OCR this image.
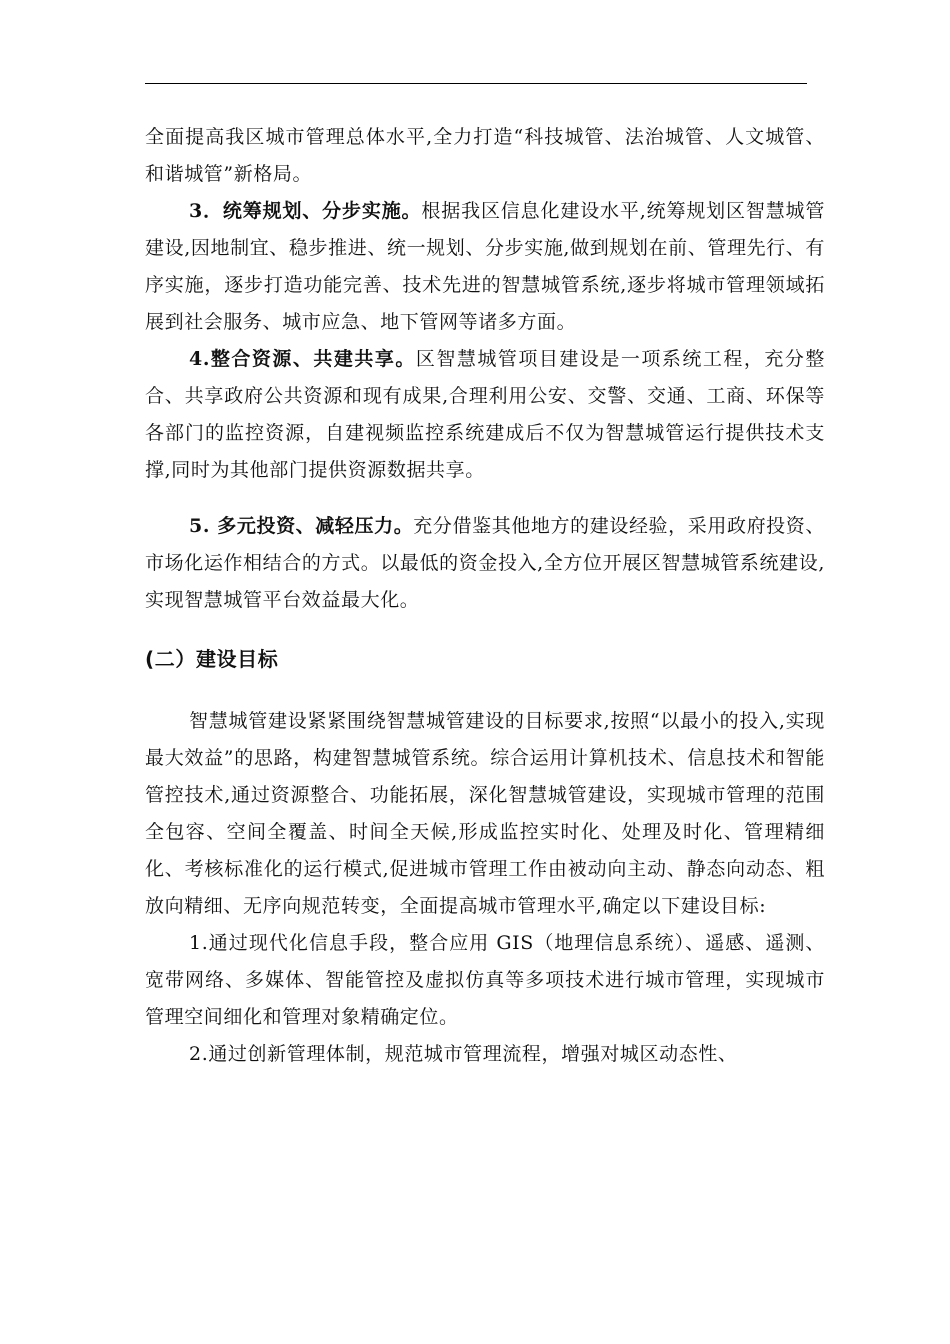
全面提高我区城市管理总体水平,全力打造“科技城管、法治城管、人文城管、和谐城管”新格局。

3．统筹规划、分步实施。根据我区信息化建设水平,统筹规划区智慧城管建设,因地制宜、稳步推进、统一规划、分步实施,做到规划在前、管理先行、有序实施，逐步打造功能完善、技术先进的智慧城管系统,逐步将城市管理领域拓展到社会服务、城市应急、地下管网等诸多方面。

4.整合资源、共建共享。区智慧城管项目建设是一项系统工程，充分整合、共享政府公共资源和现有成果,合理利用公安、交警、交通、工商、环保等各部门的监控资源，自建视频监控系统建成后不仅为智慧城管运行提供技术支撑,同时为其他部门提供资源数据共享。

5. 多元投资、减轻压力。充分借鉴其他地方的建设经验，采用政府投资、市场化运作相结合的方式。以最低的资金投入,全方位开展区智慧城管系统建设,实现智慧城管平台效益最大化。

(二）建设目标

智慧城管建设紧紧围绕智慧城管建设的目标要求,按照“以最小的投入,实现最大效益”的思路，构建智慧城管系统。综合运用计算机技术、信息技术和智能管控技术,通过资源整合、功能拓展，深化智慧城管建设，实现城市管理的范围全包容、空间全覆盖、时间全天候,形成监控实时化、处理及时化、管理精细化、考核标准化的运行模式,促进城市管理工作由被动向主动、静态向动态、粗放向精细、无序向规范转变，全面提高城市管理水平,确定以下建设目标:

1.通过现代化信息手段，整合应用 GIS（地理信息系统）、遥感、遥测、宽带网络、多媒体、智能管控及虚拟仿真等多项技术进行城市管理，实现城市管理空间细化和管理对象精确定位。

2.通过创新管理体制，规范城市管理流程，增强对城区动态性、
